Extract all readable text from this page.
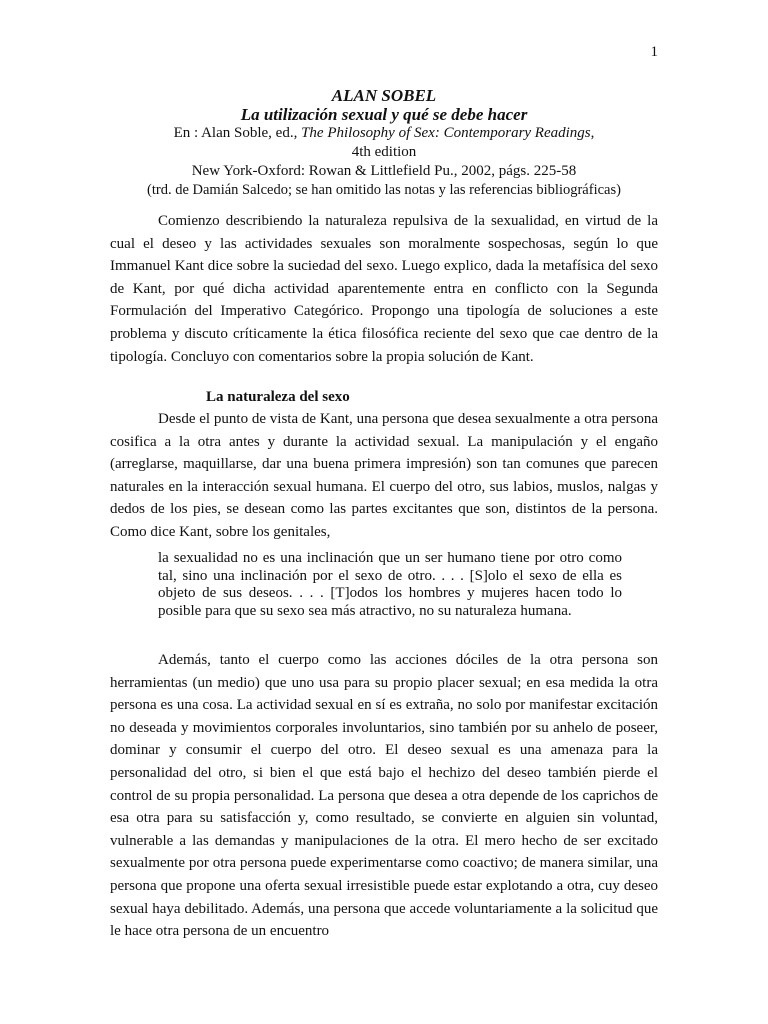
1
ALAN SOBEL
La utilización sexual y qué se debe hacer
En : Alan Soble, ed., The Philosophy of Sex: Contemporary Readings,
4th edition
New York-Oxford: Rowan & Littlefield Pu., 2002, págs. 225-58
(trd. de Damián Salcedo; se han omitido las notas y las referencias bibliográficas)

Comienzo describiendo la naturaleza repulsiva de la sexualidad, en virtud de la cual el deseo y las actividades sexuales son moralmente sospechosas, según lo que Immanuel Kant dice sobre la suciedad del sexo. Luego explico, dada la metafísica del sexo de Kant, por qué dicha actividad aparentemente entra en conflicto con la Segunda Formulación del Imperativo Categórico. Propongo una tipología de soluciones a este problema y discuto críticamente la ética filosófica reciente del sexo que cae dentro de la tipología. Concluyo con comentarios sobre la propia solución de Kant.

La naturaleza del sexo

Desde el punto de vista de Kant, una persona que desea sexualmente a otra persona cosifica a la otra antes y durante la actividad sexual. La manipulación y el engaño (arreglarse, maquillarse, dar una buena primera impresión) son tan comunes que parecen naturales en la interacción sexual humana. El cuerpo del otro, sus labios, muslos, nalgas y dedos de los pies, se desean como las partes excitantes que son, distintos de la persona. Como dice Kant, sobre los genitales,

la sexualidad no es una inclinación que un ser humano tiene por otro como tal, sino una inclinación por el sexo de otro. . . . [S]olo el sexo de ella es objeto de sus deseos. . . . [T]odos los hombres y mujeres hacen todo lo posible para que su sexo sea más atractivo, no su naturaleza humana.

Además, tanto el cuerpo como las acciones dóciles de la otra persona son herramientas (un medio) que uno usa para su propio placer sexual; en esa medida la otra persona es una cosa. La actividad sexual en sí es extraña, no solo por manifestar excitación no deseada y movimientos corporales involuntarios, sino también por su anhelo de poseer, dominar y consumir el cuerpo del otro. El deseo sexual es una amenaza para la personalidad del otro, si bien el que está bajo el hechizo del deseo también pierde el control de su propia personalidad. La persona que desea a otra depende de los caprichos de esa otra para su satisfacción y, como resultado, se convierte en alguien sin voluntad, vulnerable a las demandas y manipulaciones de la otra. El mero hecho de ser excitado sexualmente por otra persona puede experimentarse como coactivo; de manera similar, una persona que propone una oferta sexual irresistible puede estar explotando a otra, cuy deseo sexual haya debilitado. Además, una persona que accede voluntariamente a la solicitud que le hace otra persona de un encuentro
